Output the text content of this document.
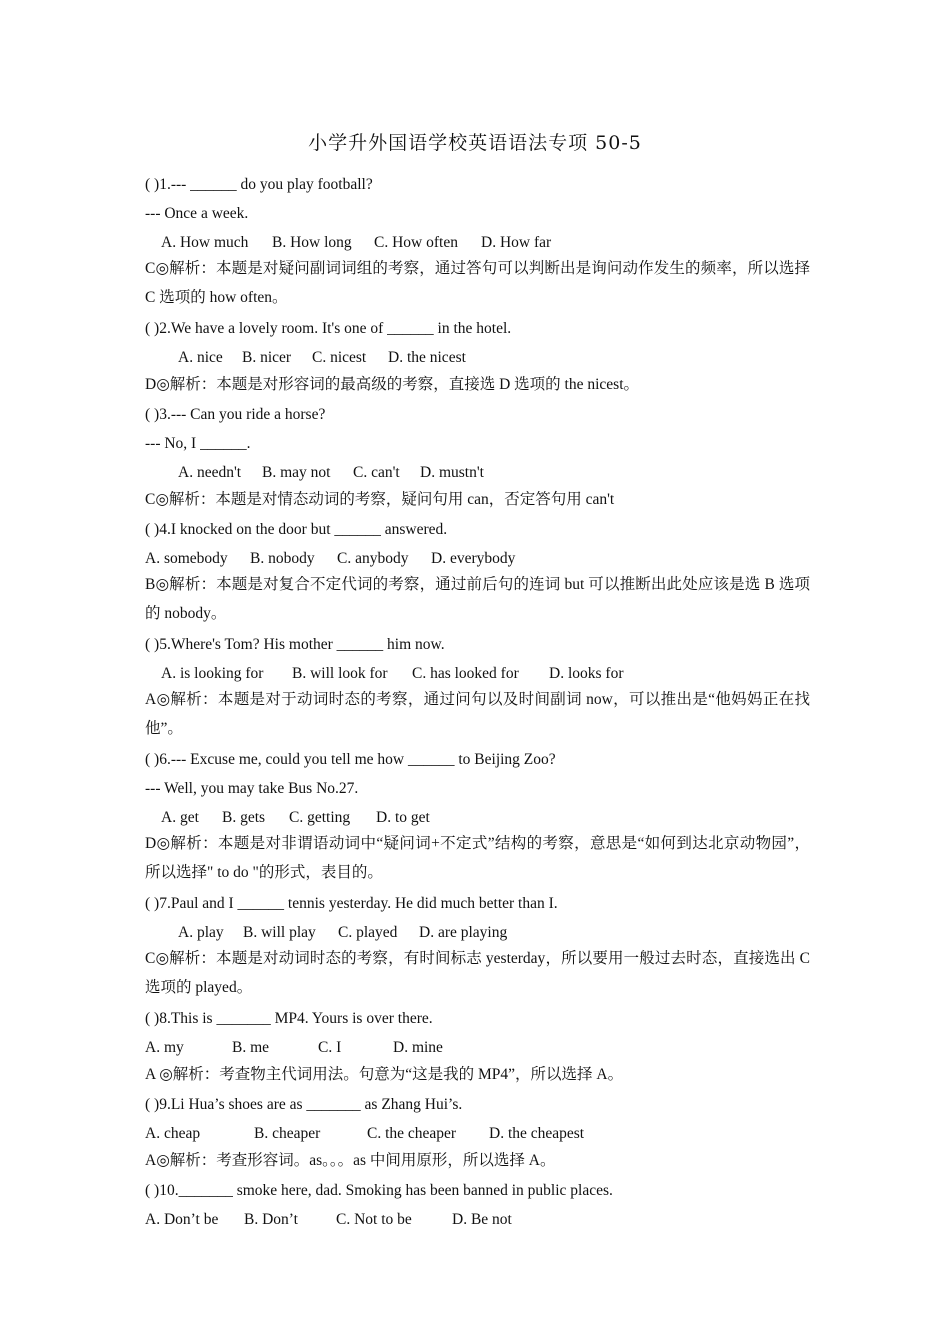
小学升外国语学校英语语法专项 50-5
( )1.--- ______ do you play football?
--- Once a week.
A. How much B. How long C. How often D. How far
C◎解析：本题是对疑问副词词组的考察，通过答句可以判断出是询问动作发生的频率，所以选择 C 选项的 how often。
( )2.We have a lovely room. It's one of ______ in the hotel.
A. nice B. nicer C. nicest D. the nicest
D◎解析：本题是对形容词的最高级的考察，直接选 D 选项的 the nicest。
( )3.--- Can you ride a horse?
--- No, I ______.
A. needn't B. may not C. can't D. mustn't
C◎解析：本题是对情态动词的考察，疑问句用 can，否定答句用 can't
( )4.I knocked on the door but ______ answered.
A. somebody B. nobody C. anybody D. everybody
B◎解析：本题是对复合不定代词的考察，通过前后句的连词 but 可以推断出此处应该是选 B 选项的 nobody。
( )5.Where's Tom? His mother ______ him now.
A. is looking for B. will look for C. has looked for D. looks for
A◎解析：本题是对于动词时态的考察，通过问句以及时间副词 now，可以推出是“他妈妈正在找他”。
( )6.--- Excuse me, could you tell me how ______ to Beijing Zoo?
--- Well, you may take Bus No.27.
A. get B. gets C. getting D. to get
D◎解析：本题是对非谓语动词中“疑问词+不定式”结构的考察，意思是“如何到达北京动物园”，所以选择" to do "的形式，表目的。
( )7.Paul and I ______ tennis yesterday. He did much better than I.
A. play B. will play C. played D. are playing
C◎解析：本题是对动词时态的考察，有时间标志 yesterday，所以要用一般过去时态，直接选出 C 选项的 played。
( )8.This is _______ MP4. Yours is over there.
A. my	B. me	C. I	D. mine
A ◎解析：考查物主代词用法。句意为“这是我的 MP4”，所以选择 A。
( )9.Li Hua’s shoes are as _______ as Zhang Hui’s.
A. cheap	B. cheaper	C. the cheaper D. the cheapest
A◎解析：考查形容词。as。。。as 中间用原形，所以选择 A。
( )10._______ smoke here, dad. Smoking has been banned in public places.
A. Don’t be B. Don’t C. Not to be	D. Be not
